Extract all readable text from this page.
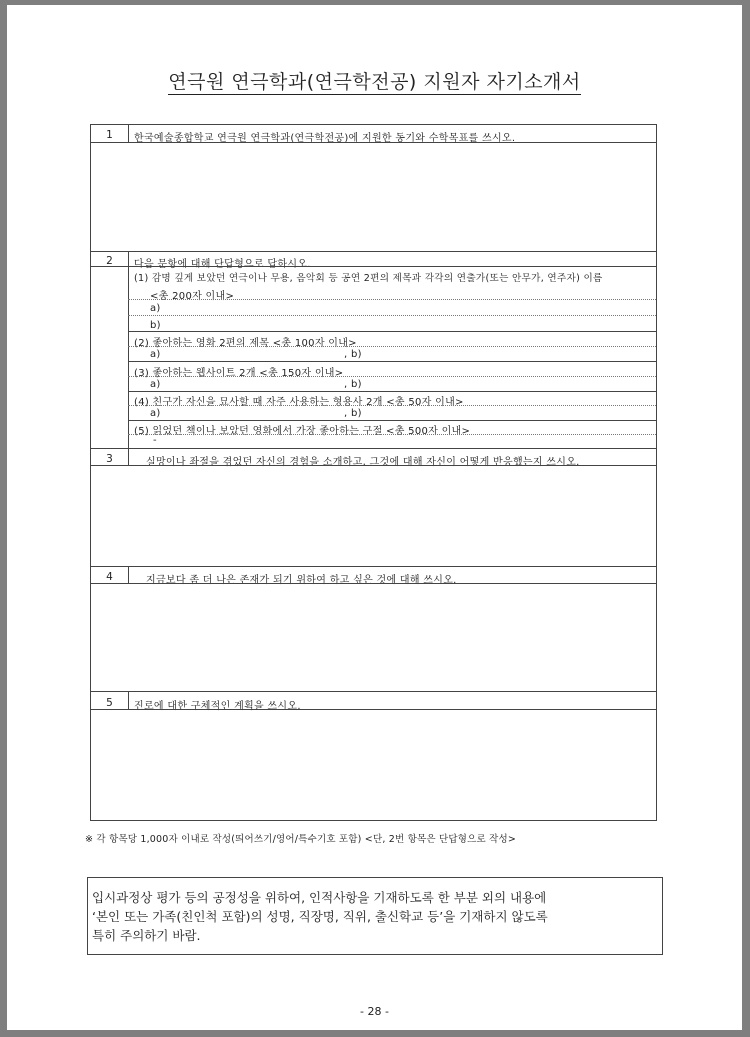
연극원 연극학과(연극학전공) 지원자 자기소개서
1	한국예술종합학교 연극원 연극학과(연극학전공)에 지원한 동기와 수학목표를 쓰시오.
2	다음 문항에 대해 단답형으로 답하시오.
(1) 감명 깊게 보았던 연극이나 무용, 음악회 등 공연 2편의 제목과 각각의 연출가(또는 안무가, 연주자) 이름
<총 200자 이내>
a)
b)
(2) 좋아하는 영화 2편의 제목 <총 100자 이내>
a)	, b)
(3) 좋아하는 웹사이트 2개 <총 150자 이내>
a)	, b)
(4) 친구가 자신을 묘사할 때 자주 사용하는 형용사 2개 <총 50자 이내>
a)	, b)
(5) 읽었던 책이나 보았던 영화에서 가장 좋아하는 구절 <총 500자 이내>
-
3	실망이나 좌절을 겪었던 자신의 경험을 소개하고, 그것에 대해 자신이 어떻게 반응했는지 쓰시오.
4	지금보다 좀 더 나은 존재가 되기 위하여 하고 싶은 것에 대해 쓰시오.
5	진로에 대한 구체적인 계획을 쓰시오.
※ 각 항목당 1,000자 이내로 작성(띄어쓰기/영어/특수기호 포함) <단, 2번 항목은 단답형으로 작성>
입시과정상 평가 등의 공정성을 위하여, 인적사항을 기재하도록 한 부분 외의 내용에
‘본인 또는 가족(친인척 포함)의 성명, 직장명, 직위, 출신학교 등’을 기재하지 않도록
특히 주의하기 바람.
- 28 -
